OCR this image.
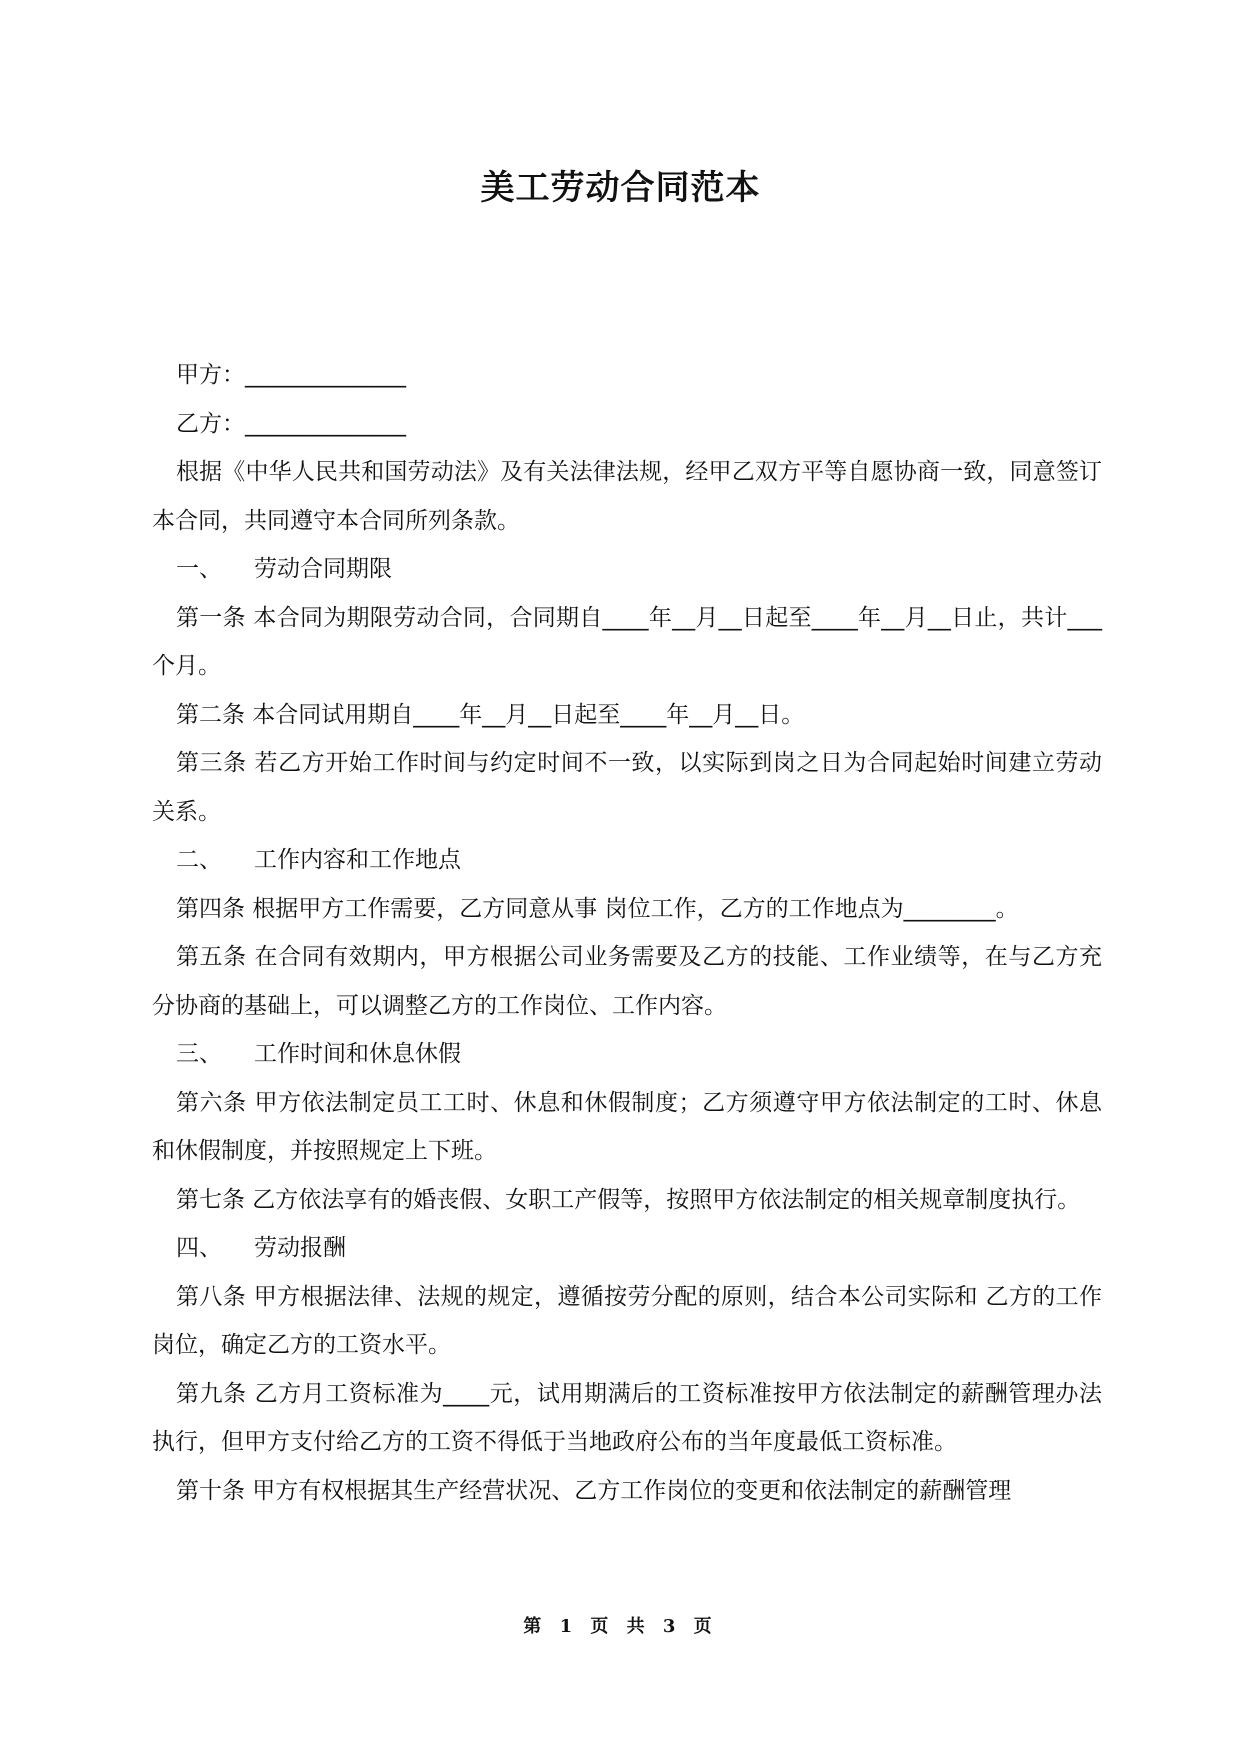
美工劳动合同范本

甲方：______________

乙方：______________

根据《中华人民共和国劳动法》及有关法律法规，经甲乙双方平等自愿协商一致，同意签订本合同，共同遵守本合同所列条款。

一、 劳动合同期限

第一条 本合同为期限劳动合同，合同期自____年__月__日起至____年__月__日止，共计___个月。

第二条 本合同试用期自____年__月__日起至____年__月__日。

第三条 若乙方开始工作时间与约定时间不一致，以实际到岗之日为合同起始时间建立劳动关系。

二、 工作内容和工作地点

第四条 根据甲方工作需要，乙方同意从事 岗位工作，乙方的工作地点为________。

第五条 在合同有效期内，甲方根据公司业务需要及乙方的技能、工作业绩等，在与乙方充分协商的基础上，可以调整乙方的工作岗位、工作内容。

三、 工作时间和休息休假

第六条 甲方依法制定员工工时、休息和休假制度；乙方须遵守甲方依法制定的工时、休息和休假制度，并按照规定上下班。

第七条 乙方依法享有的婚丧假、女职工产假等，按照甲方依法制定的相关规章制度执行。

四、 劳动报酬

第八条 甲方根据法律、法规的规定，遵循按劳分配的原则，结合本公司实际和 乙方的工作岗位，确定乙方的工资水平。

第九条 乙方月工资标准为____元，试用期满后的工资标准按甲方依法制定的薪酬管理办法执行，但甲方支付给乙方的工资不得低于当地政府公布的当年度最低工资标准。

第十条 甲方有权根据其生产经营状况、乙方工作岗位的变更和依法制定的薪酬管理

第 1 页 共 3 页
